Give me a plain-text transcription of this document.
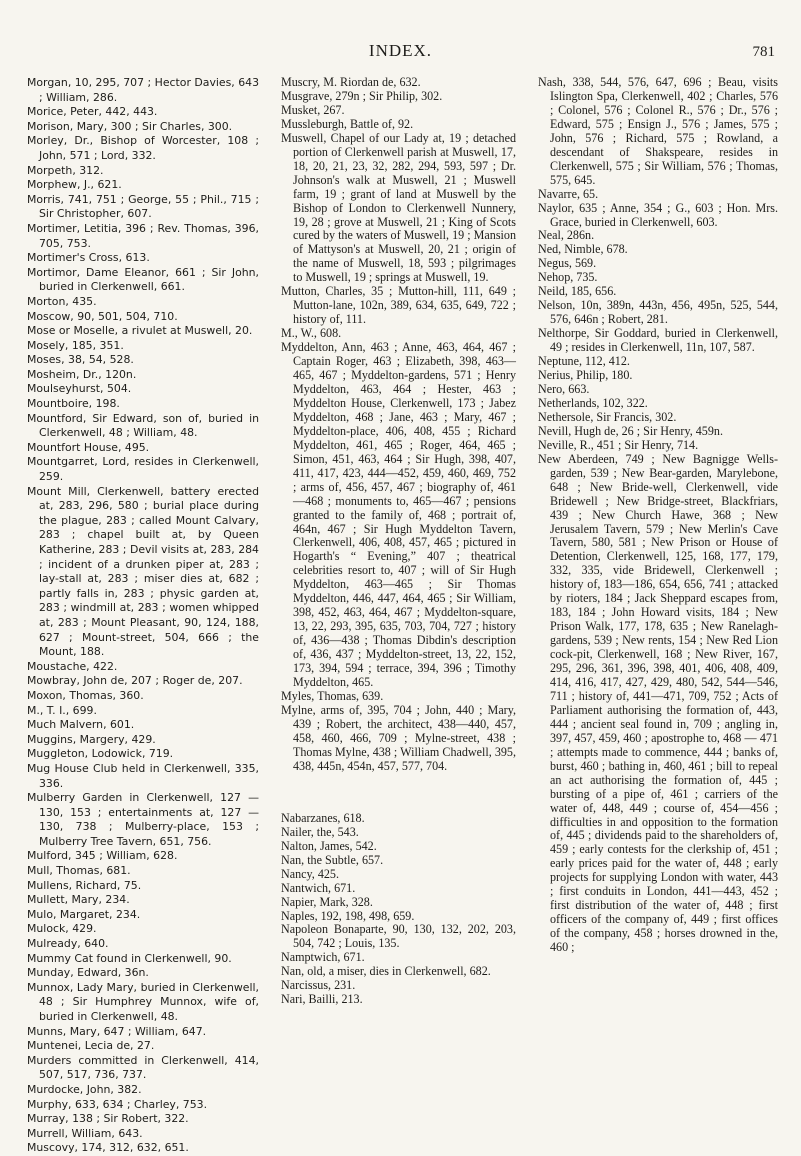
INDEX.	781

Morgan, 10, 295, 707 ; Hector Davies, 643 ; William, 286.

Morice, Peter, 442, 443.

Morison, Mary, 300 ; Sir Charles, 300.

Morley, Dr., Bishop of Worcester, 108 ; John, 571 ; Lord, 332.

Morpeth, 312.

Morphew, J., 621.

Morris, 741, 751 ; George, 55 ; Phil., 715 ; Sir Christopher, 607.

Mortimer, Letitia, 396 ; Rev. Thomas, 396, 705, 753.

Mortimer's Cross, 613.

Mortimor, Dame Eleanor, 661 ; Sir John, buried in Clerkenwell, 661.

Morton, 435.

Moscow, 90, 501, 504, 710.

Mose or Moselle, a rivulet at Muswell, 20.

Mosely, 185, 351.

Moses, 38, 54, 528.

Mosheim, Dr., 120n.

Moulseyhurst, 504.

Mountboire, 198.

Mountford, Sir Edward, son of, buried in Clerkenwell, 48 ; William, 48.

Mountfort House, 495.

Mountgarret, Lord, resides in Clerkenwell, 259.

Mount Mill, Clerkenwell, battery erected at, 283, 296, 580 ; burial place during the plague, 283 ; called Mount Calvary, 283 ; chapel built at, by Queen Katherine, 283 ; Devil visits at, 283, 284 ; incident of a drunken piper at, 283 ; lay-stall at, 283 ; miser dies at, 682 ; partly falls in, 283 ; physic garden at, 283 ; windmill at, 283 ; women whipped at, 283 ; Mount Pleasant, 90, 124, 188, 627 ; Mount-street, 504, 666 ; the Mount, 188.

Moustache, 422.

Mowbray, John de, 207 ; Roger de, 207.

Moxon, Thomas, 360.

M., T. I., 699.

Much Malvern, 601.

Muggins, Margery, 429.

Muggleton, Lodowick, 719.

Mug House Club held in Clerkenwell, 335, 336.

Mulberry Garden in Clerkenwell, 127 —130, 153 ; entertainments at, 127 —130, 738 ; Mulberry-place, 153 ; Mulberry Tree Tavern, 651, 756.

Mulford, 345 ; William, 628.

Mull, Thomas, 681.

Mullens, Richard, 75.

Mullett, Mary, 234.

Mulo, Margaret, 234.

Mulock, 429.

Mulready, 640.

Mummy Cat found in Clerkenwell, 90.

Munday, Edward, 36n.

Munnox, Lady Mary, buried in Clerkenwell, 48 ; Sir Humphrey Munnox, wife of, buried in Clerkenwell, 48.

Munns, Mary, 647 ; William, 647.

Muntenei, Lecia de, 27.

Murders committed in Clerkenwell, 414, 507, 517, 736, 737.

Murdocke, John, 382.

Murphy, 633, 634 ; Charley, 753.

Murray, 138 ; Sir Robert, 322.

Murrell, William, 643.

Muscovy, 174, 312, 632, 651.

Muscry, M. Riordan de, 632.

Musgrave, 279n ; Sir Philip, 302.

Musket, 267.

Mussleburgh, Battle of, 92.

Muswell, Chapel of our Lady at, 19 ; detached portion of Clerkenwell parish at Muswell, 17, 18, 20, 21, 23, 32, 282, 294, 593, 597 ; Dr. Johnson's walk at Muswell, 21 ; Muswell farm, 19 ; grant of land at Muswell by the Bishop of London to Clerkenwell Nunnery, 19, 28 ; grove at Muswell, 21 ; King of Scots cured by the waters of Muswell, 19 ; Mansion of Mattyson's at Muswell, 20, 21 ; origin of the name of Muswell, 18, 593 ; pilgrimages to Muswell, 19 ; springs at Muswell, 19.

Mutton, Charles, 35 ; Mutton-hill, 111, 649 ; Mutton-lane, 102n, 389, 634, 635, 649, 722 ; history of, 111.

M., W., 608.

Myddelton, Ann, 463 ; Anne, 463, 464, 467 ; Captain Roger, 463 ; Elizabeth, 398, 463—465, 467 ; Myddelton-gardens, 571 ; Henry Myddelton, 463, 464 ; Hester, 463 ; Myddelton House, Clerkenwell, 173 ; Jabez Myddelton, 468 ; Jane, 463 ; Mary, 467 ; Myddelton-place, 406, 408, 455 ; Richard Myddelton, 461, 465 ; Roger, 464, 465 ; Simon, 451, 463, 464 ; Sir Hugh, 398, 407, 411, 417, 423, 444—452, 459, 460, 469, 752 ; arms of, 456, 457, 467 ; biography of, 461—468 ; monuments to, 465—467 ; pensions granted to the family of, 468 ; portrait of, 464n, 467 ; Sir Hugh Myddelton Tavern, Clerkenwell, 406, 408, 457, 465 ; pictured in Hogarth's “ Evening,” 407 ; theatrical celebrities resort to, 407 ; will of Sir Hugh Myddelton, 463—465 ; Sir Thomas Myddelton, 446, 447, 464, 465 ; Sir William, 398, 452, 463, 464, 467 ; Myddelton-square, 13, 22, 293, 395, 635, 703, 704, 727 ; history of, 436—438 ; Thomas Dibdin's description of, 436, 437 ; Myddelton-street, 13, 22, 152, 173, 394, 594 ; terrace, 394, 396 ; Timothy Myddelton, 465.

Myles, Thomas, 639.

Mylne, arms of, 395, 704 ; John, 440 ; Mary, 439 ; Robert, the architect, 438—440, 457, 458, 460, 466, 709 ; Mylne-street, 438 ; Thomas Mylne, 438 ; William Chadwell, 395, 438, 445n, 454n, 457, 577, 704.

Nabarzanes, 618.

Nailer, the, 543.

Nalton, James, 542.

Nan, the Subtle, 657.

Nancy, 425.

Nantwich, 671.

Napier, Mark, 328.

Naples, 192, 198, 498, 659.

Napoleon Bonaparte, 90, 130, 132, 202, 203, 504, 742 ; Louis, 135.

Namptwich, 671.

Nan, old, a miser, dies in Clerkenwell, 682.

Narcissus, 231.

Nari, Bailli, 213.

Nash, 338, 544, 576, 647, 696 ; Beau, visits Islington Spa, Clerkenwell, 402 ; Charles, 576 ; Colonel, 576 ; Colonel R., 576 ; Dr., 576 ; Edward, 575 ; Ensign J., 576 ; James, 575 ; John, 576 ; Richard, 575 ; Rowland, a descendant of Shakspeare, resides in Clerkenwell, 575 ; Sir William, 576 ; Thomas, 575, 645.

Navarre, 65.

Naylor, 635 ; Anne, 354 ; G., 603 ; Hon. Mrs. Grace, buried in Clerkenwell, 603.

Neal, 286n.

Ned, Nimble, 678.

Negus, 569.

Nehop, 735.

Neild, 185, 656.

Nelson, 10n, 389n, 443n, 456, 495n, 525, 544, 576, 646n ; Robert, 281.

Nelthorpe, Sir Goddard, buried in Clerkenwell, 49 ; resides in Clerkenwell, 11n, 107, 587.

Neptune, 112, 412.

Nerius, Philip, 180.

Nero, 663.

Netherlands, 102, 322.

Nethersole, Sir Francis, 302.

Nevill, Hugh de, 26 ; Sir Henry, 459n.

Neville, R., 451 ; Sir Henry, 714.

New Aberdeen, 749 ; New Bagnigge Wells-garden, 539 ; New Bear-garden, Marylebone, 648 ; New Bride-well, Clerkenwell, vide Bridewell ; New Bridge-street, Blackfriars, 439 ; New Church Hawe, 368 ; New Jerusalem Tavern, 579 ; New Merlin's Cave Tavern, 580, 581 ; New Prison or House of Detention, Clerkenwell, 125, 168, 177, 179, 332, 335, vide Bridewell, Clerkenwell ; history of, 183—186, 654, 656, 741 ; attacked by rioters, 184 ; Jack Sheppard escapes from, 183, 184 ; John Howard visits, 184 ; New Prison Walk, 177, 178, 635 ; New Ranelagh-gardens, 539 ; New rents, 154 ; New Red Lion cock-pit, Clerkenwell, 168 ; New River, 167, 295, 296, 361, 396, 398, 401, 406, 408, 409, 414, 416, 417, 427, 429, 480, 542, 544—546, 711 ; history of, 441—471, 709, 752 ; Acts of Parliament authorising the formation of, 443, 444 ; ancient seal found in, 709 ; angling in, 397, 457, 459, 460 ; apostrophe to, 468 — 471 ; attempts made to commence, 444 ; banks of, burst, 460 ; bathing in, 460, 461 ; bill to repeal an act authorising the formation of, 445 ; bursting of a pipe of, 461 ; carriers of the water of, 448, 449 ; course of, 454—456 ; difficulties in and opposition to the formation of, 445 ; dividends paid to the shareholders of, 459 ; early contests for the clerkship of, 451 ; early prices paid for the water of, 448 ; early projects for supplying London with water, 443 ; first conduits in London, 441—443, 452 ; first distribution of the water of, 448 ; first officers of the company of, 449 ; first offices of the company, 458 ; horses drowned in the, 460 ;
